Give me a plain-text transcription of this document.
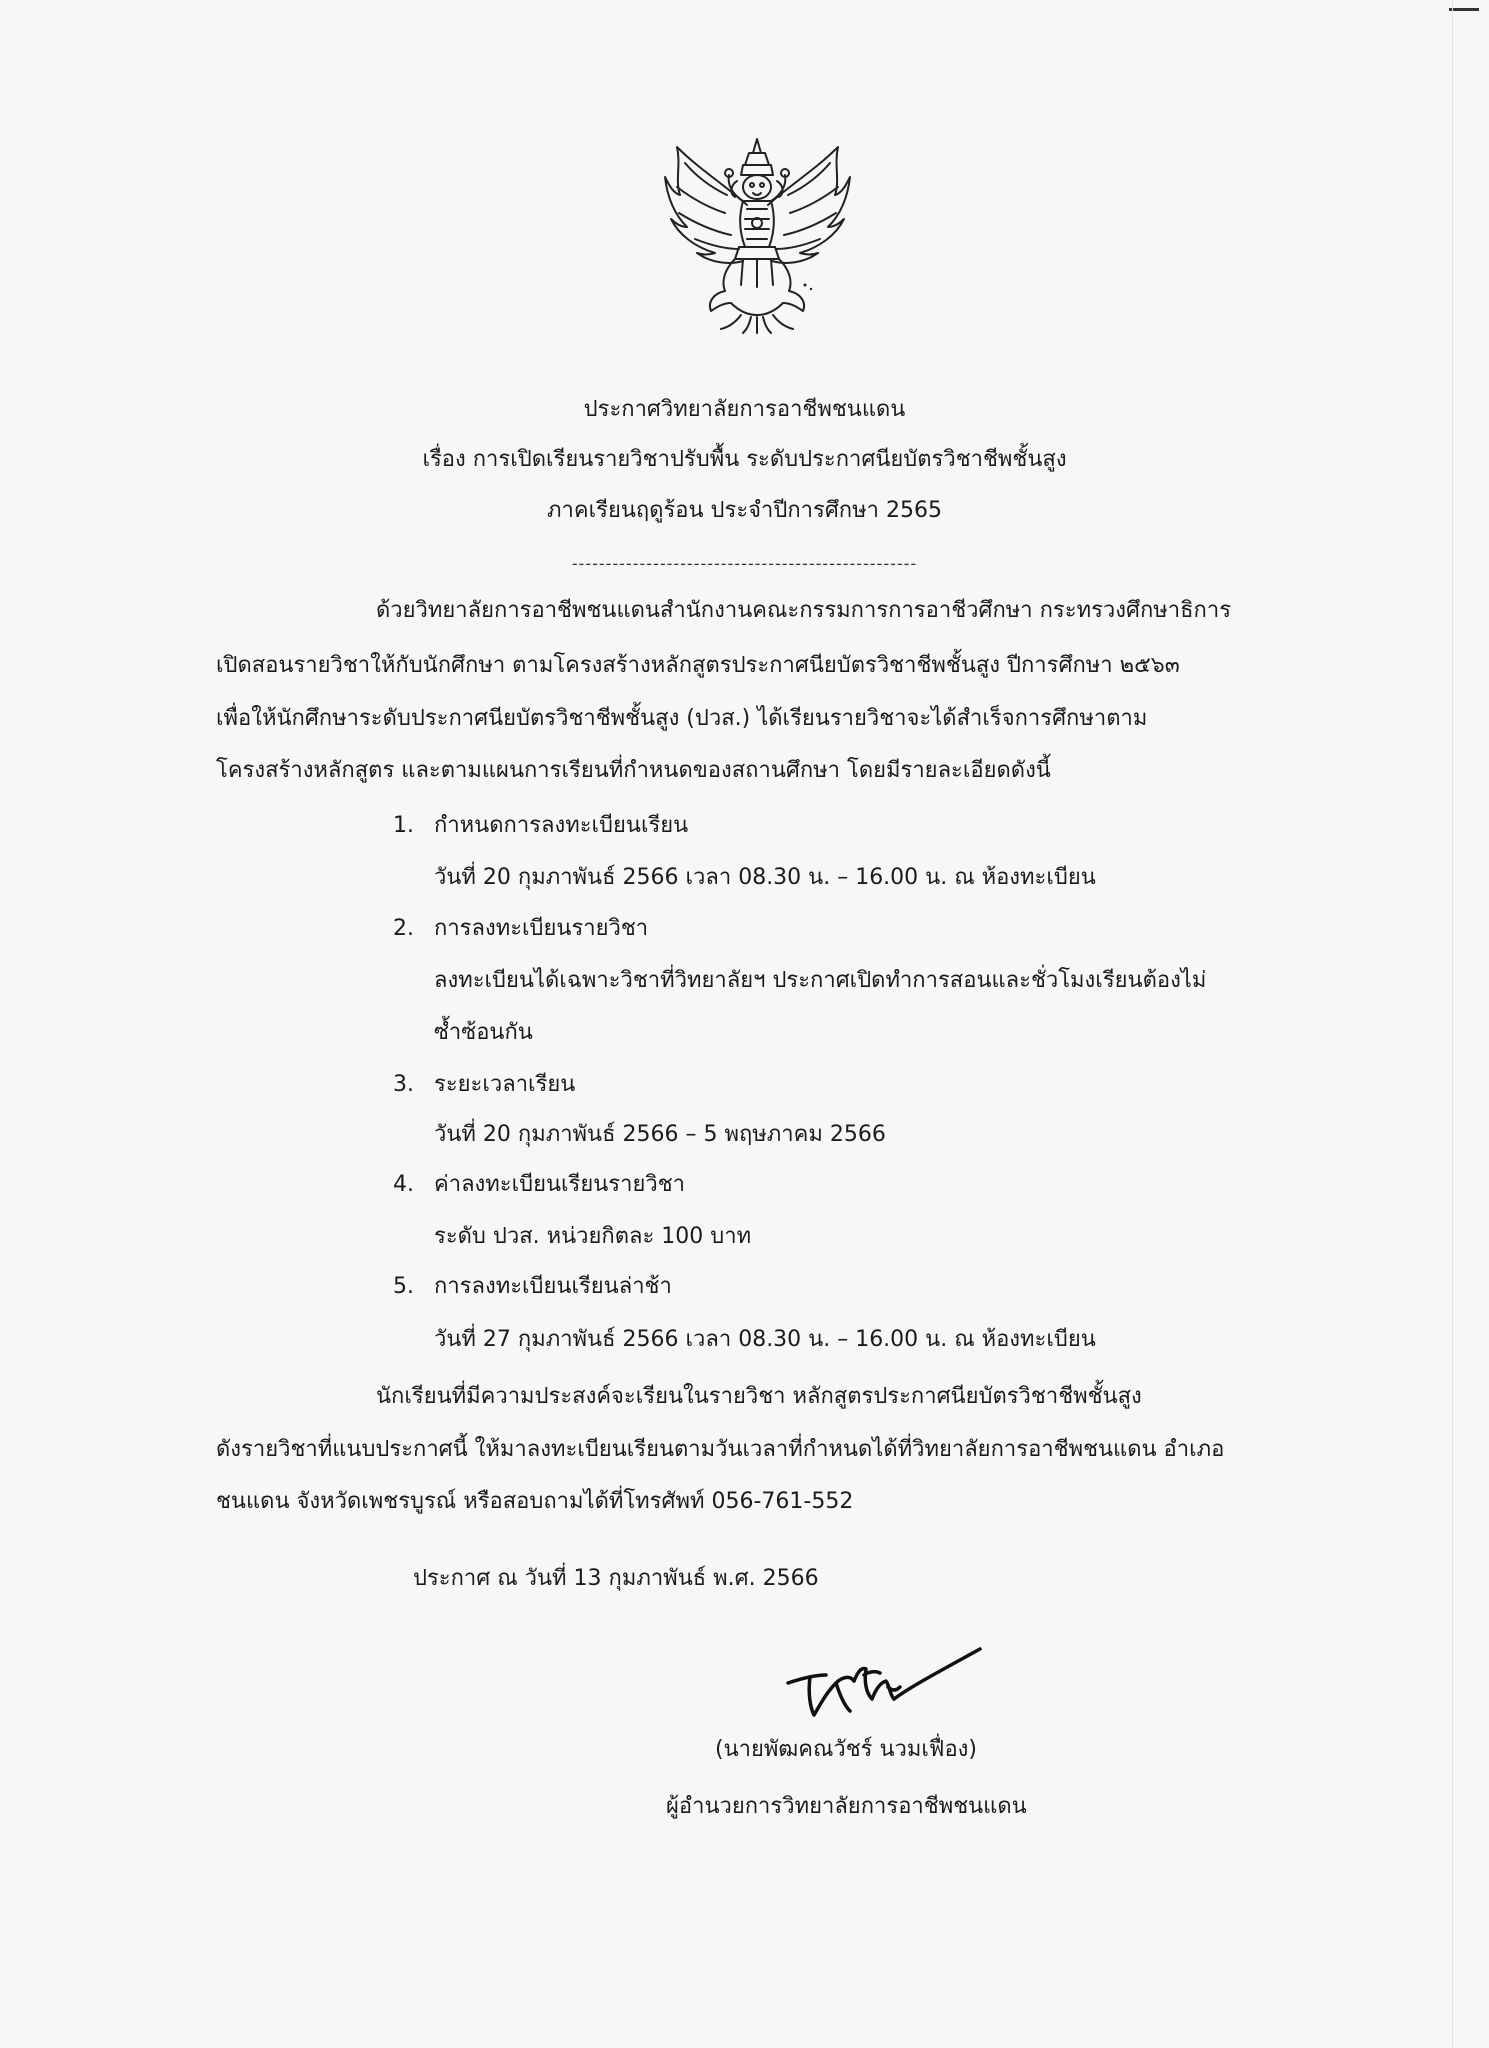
ประกาศวิทยาลัยการอาชีพชนแดน
เรื่อง การเปิดเรียนรายวิชาปรับพื้น ระดับประกาศนียบัตรวิชาชีพชั้นสูง
ภาคเรียนฤดูร้อน ประจำปีการศึกษา 2565
---------------------------------------------------
ด้วยวิทยาลัยการอาชีพชนแดนสำนักงานคณะกรรมการการอาชีวศึกษา กระทรวงศึกษาธิการ
เปิดสอนรายวิชาให้กับนักศึกษา ตามโครงสร้างหลักสูตรประกาศนียบัตรวิชาชีพชั้นสูง ปีการศึกษา ๒๕๖๓
เพื่อให้นักศึกษาระดับประกาศนียบัตรวิชาชีพชั้นสูง (ปวส.) ได้เรียนรายวิชาจะได้สำเร็จการศึกษาตาม
โครงสร้างหลักสูตร และตามแผนการเรียนที่กำหนดของสถานศึกษา โดยมีรายละเอียดดังนี้
1. กำหนดการลงทะเบียนเรียน
วันที่ 20 กุมภาพันธ์ 2566 เวลา 08.30 น. – 16.00 น. ณ ห้องทะเบียน
2. การลงทะเบียนรายวิชา
ลงทะเบียนได้เฉพาะวิชาที่วิทยาลัยฯ ประกาศเปิดทำการสอนและชั่วโมงเรียนต้องไม่
ซ้ำซ้อนกัน
3. ระยะเวลาเรียน
วันที่ 20 กุมภาพันธ์ 2566 – 5 พฤษภาคม 2566
4. ค่าลงทะเบียนเรียนรายวิชา
ระดับ ปวส. หน่วยกิตละ 100 บาท
5. การลงทะเบียนเรียนล่าช้า
วันที่ 27 กุมภาพันธ์ 2566 เวลา 08.30 น. – 16.00 น. ณ ห้องทะเบียน
นักเรียนที่มีความประสงค์จะเรียนในรายวิชา หลักสูตรประกาศนียบัตรวิชาชีพชั้นสูง
ดังรายวิชาที่แนบประกาศนี้ ให้มาลงทะเบียนเรียนตามวันเวลาที่กำหนดได้ที่วิทยาลัยการอาชีพชนแดน อำเภอ
ชนแดน จังหวัดเพชรบูรณ์ หรือสอบถามได้ที่โทรศัพท์ 056-761-552
ประกาศ ณ วันที่ 13 กุมภาพันธ์ พ.ศ. 2566
(นายพัฒคณวัชร์ นวมเฟื่อง)
ผู้อำนวยการวิทยาลัยการอาชีพชนแดน
